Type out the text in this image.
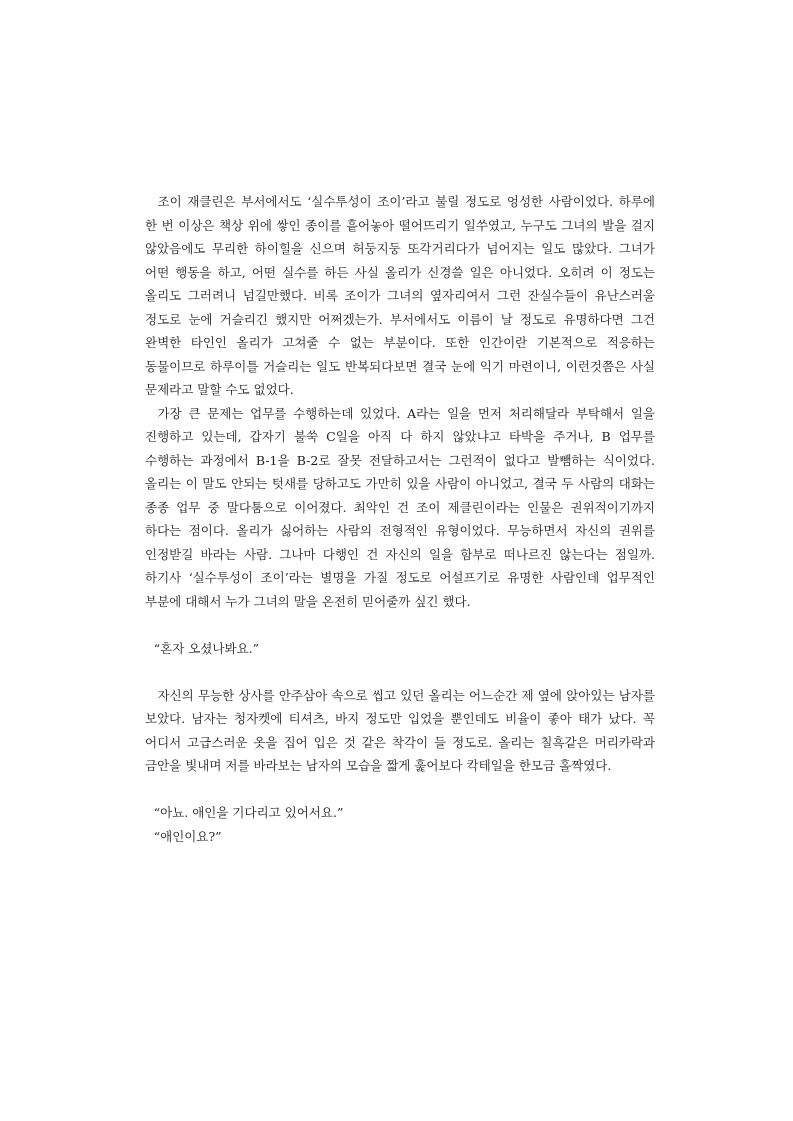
조이 재클린은 부서에서도 ‘실수투성이 조이’라고 불릴 정도로 엉성한 사람이었다. 하루에 한 번 이상은 책상 위에 쌓인 종이를 흩어놓아 떨어뜨리기 일쑤였고, 누구도 그녀의 발을 걸지 않았음에도 무리한 하이힐을 신으며 허둥지둥 또각거리다가 넘어지는 일도 많았다. 그녀가 어떤 행동을 하고, 어떤 실수를 하든 사실 올리가 신경쓸 일은 아니었다. 오히려 이 정도는 올리도 그러려니 넘길만했다. 비록 조이가 그녀의 옆자리여서 그런 잔실수들이 유난스러울 정도로 눈에 거슬리긴 했지만 어쩌겠는가. 부서에서도 이름이 날 정도로 유명하다면 그건 완벽한 타인인 올리가 고쳐줄 수 없는 부분이다. 또한 인간이란 기본적으로 적응하는 동물이므로 하루이틀 거슬리는 일도 반복되다보면 결국 눈에 익기 마련이니, 이런것쯤은 사실 문제라고 말할 수도 없었다.

가장 큰 문제는 업무를 수행하는데 있었다. A라는 일을 먼저 처리해달라 부탁해서 일을 진행하고 있는데, 갑자기 불쑥 C일을 아직 다 하지 않았냐고 타박을 주거나, B 업무를 수행하는 과정에서 B-1을 B-2로 잘못 전달하고서는 그런적이 없다고 발뺌하는 식이었다. 올리는 이 말도 안되는 텃새를 당하고도 가만히 있을 사람이 아니었고, 결국 두 사람의 대화는 종종 업무 중 말다툼으로 이어졌다. 최악인 건 조이 제클린이라는 인물은 권위적이기까지 하다는 점이다. 올리가 싫어하는 사람의 전형적인 유형이었다. 무능하면서 자신의 권위를 인정받길 바라는 사람. 그나마 다행인 건 자신의 일을 함부로 떠나르진 않는다는 점일까. 하기사 ‘실수투성이 조이’라는 별명을 가질 정도로 어설프기로 유명한 사람인데 업무적인 부분에 대해서 누가 그녀의 말을 온전히 믿어줄까 싶긴 했다.

“혼자 오셨나봐요.”

자신의 무능한 상사를 안주삼아 속으로 씹고 있던 올리는 어느순간 제 옆에 앉아있는 남자를 보았다. 남자는 청자켓에 티셔츠, 바지 정도만 입었을 뿐인데도 비율이 좋아 태가 났다. 꼭 어디서 고급스러운 옷을 집어 입은 것 같은 착각이 들 정도로. 올리는 칠흑같은 머리카락과 금안을 빛내며 저를 바라보는 남자의 모습을 짧게 훑어보다 칵테일을 한모금 홀짝였다.

“아뇨. 애인을 기다리고 있어서요.”

“애인이요?”
